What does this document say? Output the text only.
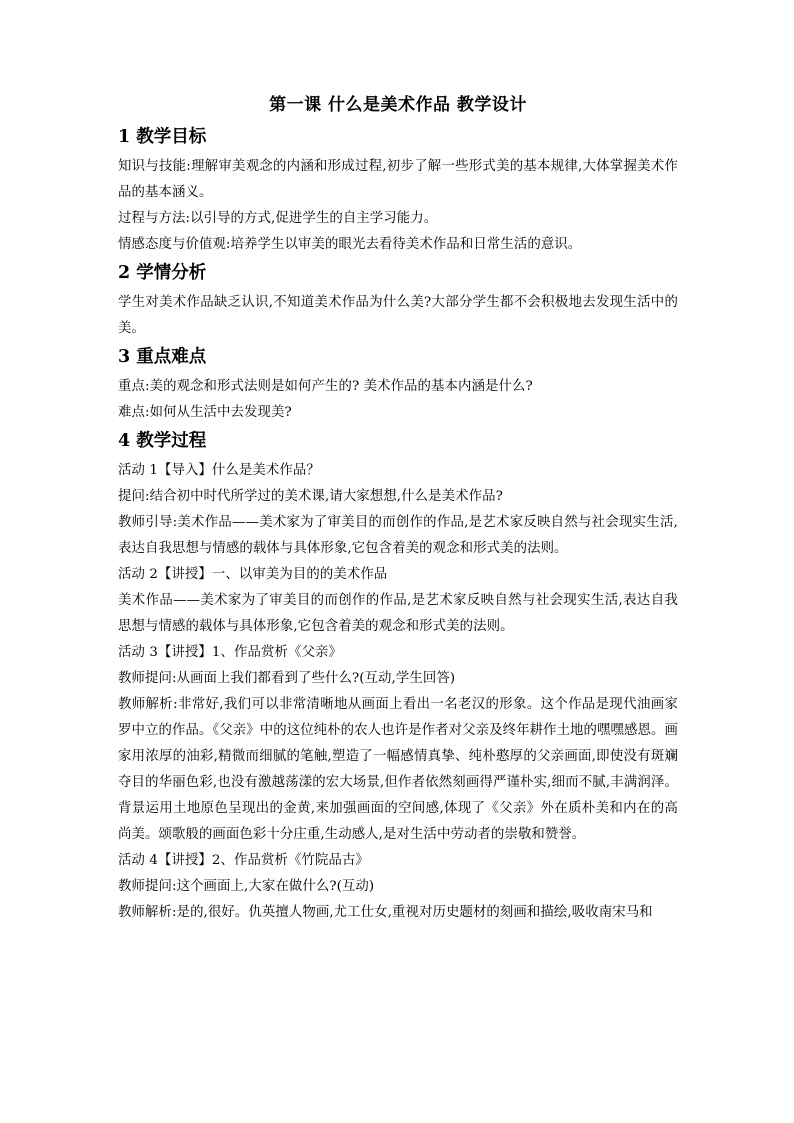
第一课 什么是美术作品 教学设计
1 教学目标

知识与技能:理解审美观念的内涵和形成过程,初步了解一些形式美的基本规律,大体掌握美术作品的基本涵义。

过程与方法:以引导的方式,促进学生的自主学习能力。

情感态度与价值观:培养学生以审美的眼光去看待美术作品和日常生活的意识。

2 学情分析

学生对美术作品缺乏认识,不知道美术作品为什么美?大部分学生都不会积极地去发现生活中的美。

3 重点难点

重点:美的观念和形式法则是如何产生的? 美术作品的基本内涵是什么?

难点:如何从生活中去发现美?

4 教学过程

活动 1【导入】什么是美术作品？

提问:结合初中时代所学过的美术课,请大家想想,什么是美术作品?

教师引导:美术作品——美术家为了审美目的而创作的作品,是艺术家反映自然与社会现实生活,表达自我思想与情感的载体与具体形象,它包含着美的观念和形式美的法则。

活动 2【讲授】一、以审美为目的的美术作品

美术作品——美术家为了审美目的而创作的作品,是艺术家反映自然与社会现实生活,表达自我思想与情感的载体与具体形象,它包含着美的观念和形式美的法则。

活动 3【讲授】1、作品赏析《父亲》

教师提问:从画面上我们都看到了些什么?(互动,学生回答)

教师解析:非常好,我们可以非常清晰地从画面上看出一名老汉的形象。这个作品是现代油画家罗中立的作品。《父亲》中的这位纯朴的农人也许是作者对父亲及终年耕作土地的嘿嘿感恩。画家用浓厚的油彩,精微而细腻的笔触,塑造了一幅感情真挚、纯朴憨厚的父亲画面,即使没有斑斓夺目的华丽色彩,也没有激越荡漾的宏大场景,但作者依然刻画得严谨朴实,细而不腻,丰满润泽。背景运用土地原色呈现出的金黄,来加强画面的空间感,体现了《父亲》外在质朴美和内在的高尚美。颂歌般的画面色彩十分庄重,生动感人,是对生活中劳动者的崇敬和赞誉。

活动 4【讲授】2、作品赏析《竹院品古》

教师提问:这个画面上,大家在做什么?(互动)

教师解析:是的,很好。仇英擅人物画,尤工仕女,重视对历史题材的刻画和描绘,吸收南宋马和
